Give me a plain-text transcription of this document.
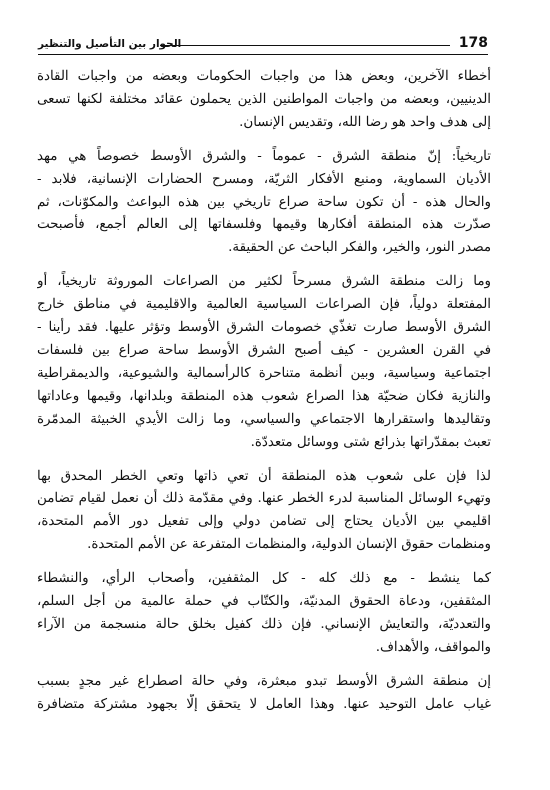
178
الحوار بين التأصيل والتنظير
أخطاء الآخرين، وبعض هذا من واجبات الحكومات وبعضه من واجبات القادة
الدينيين، وبعضه من واجبات المواطنين الذين يحملون عقائد مختلفة لكنها تسعى
إلى هدف واحد هو رضا الله، وتقديس الإنسان.
تاريخياً: إنّ منطقة الشرق - عموماً - والشرق الأوسط خصوصاً هي مهد
الأديان السماوية، ومنبع الأفكار الثريّة، ومسرح الحضارات الإنسانية، فلابد -
والحال هذه - أن تكون ساحة صراع تاريخي بين هذه البواعث والمكوّنات، ثم
صدّرت هذه المنطقة أفكارها وقيمها وفلسفاتها إلى العالم أجمع، فأصبحت
مصدر النور، والخير، والفكر الباحث عن الحقيقة.
وما زالت منطقة الشرق مسرحاً لكثير من الصراعات الموروثة تاريخياً، أو
المفتعلة دولياً، فإن الصراعات السياسية العالمية والاقليمية في مناطق خارج
الشرق الأوسط صارت تغذّي خصومات الشرق الأوسط وتؤثر عليها. فقد رأينا -
في القرن العشرين - كيف أصبح الشرق الأوسط ساحة صراع بين فلسفات
اجتماعية وسياسية، وبين أنظمة متناحرة كالرأسمالية والشيوعية، والديمقراطية
والنازية فكان ضحيّة هذا الصراع شعوب هذه المنطقة وبلدانها، وقيمها وعاداتها
وتقاليدها واستقرارها الاجتماعي والسياسي، وما زالت الأيدي الخبيثة المدمّرة
تعبث بمقدّراتها بذرائع شتى ووسائل متعددّة.
لذا فإن على شعوب هذه المنطقة أن تعي ذاتها وتعي الخطر المحدق بها
وتهيء الوسائل المناسبة لدرء الخطر عنها. وفي مقدّمة ذلك أن نعمل لقيام تضامن
اقليمي بين الأديان يحتاج إلى تضامن دولي وإلى تفعيل دور الأمم المتحدة،
ومنظمات حقوق الإنسان الدولية، والمنظمات المتفرعة عن الأمم المتحدة.
كما ينشط - مع ذلك كله - كل المثقفين، وأصحاب الرأي، والنشطاء
المثقفين، ودعاة الحقوق المدنيّة، والكتّاب في حملة عالمية من أجل السلم،
والتعدديّة، والتعايش الإنساني. فإن ذلك كفيل بخلق حالة منسجمة من الآراء
والمواقف، والأهداف.
إن منطقة الشرق الأوسط تبدو مبعثرة، وفي حالة اصطراع غير مجدٍ بسبب
غياب عامل التوحيد عنها. وهذا العامل لا يتحقق إلّا بجهود مشتركة متضافرة
